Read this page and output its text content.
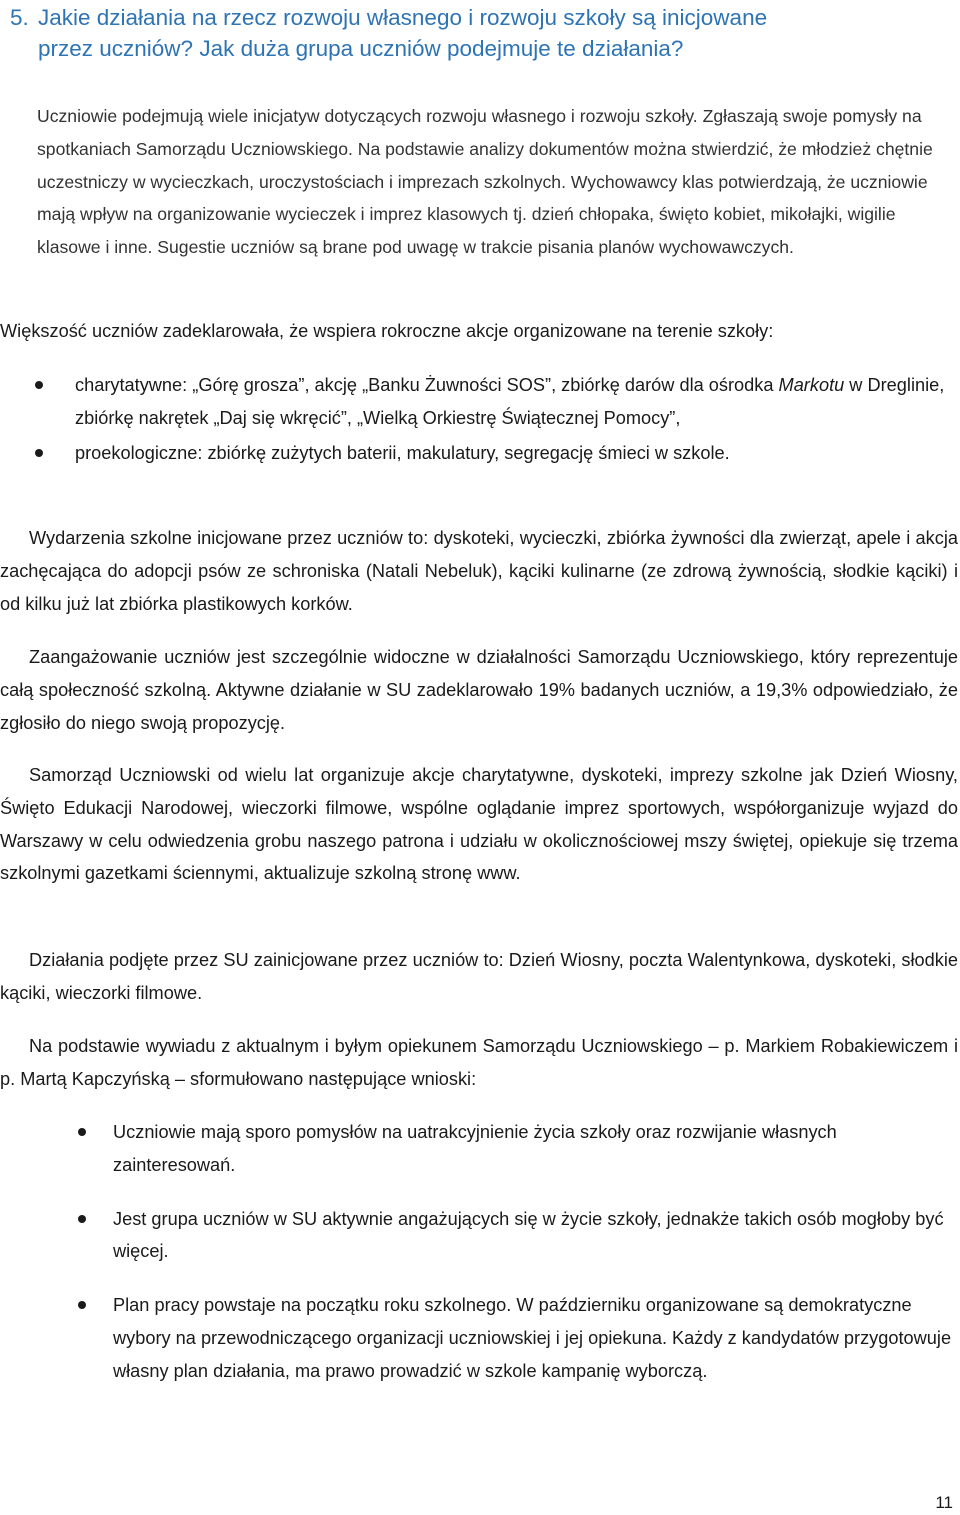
5. Jakie działania na rzecz rozwoju własnego i rozwoju szkoły są inicjowane
przez uczniów? Jak duża grupa uczniów podejmuje te działania?

Uczniowie podejmują wiele inicjatyw dotyczących rozwoju własnego i rozwoju szkoły. Zgłaszają swoje pomysły na spotkaniach Samorządu Uczniowskiego. Na podstawie analizy dokumentów można stwierdzić, że młodzież chętnie uczestniczy w wycieczkach, uroczystościach i imprezach szkolnych. Wychowawcy klas potwierdzają, że uczniowie mają wpływ na organizowanie wycieczek i imprez klasowych tj. dzień chłopaka, święto kobiet, mikołajki, wigilie klasowe i inne. Sugestie uczniów są brane pod uwagę w trakcie pisania planów wychowawczych.

Większość uczniów zadeklarowała, że wspiera rokroczne akcje organizowane na terenie szkoły:

charytatywne: „Górę grosza”, akcję „Banku Żuwności SOS”, zbiórkę darów dla ośrodka Markotu w Dreglinie, zbiórkę nakrętek „Daj się wkręcić”, „Wielką Orkiestrę Świątecznej Pomocy”,
proekologiczne: zbiórkę zużytych baterii, makulatury, segregację śmieci w szkole.

Wydarzenia szkolne inicjowane przez uczniów to: dyskoteki, wycieczki, zbiórka żywności dla zwierząt, apele i akcja zachęcająca do adopcji psów ze schroniska (Natali Nebeluk), kąciki kulinarne (ze zdrową żywnością, słodkie kąciki) i od kilku już lat zbiórka plastikowych korków.

Zaangażowanie uczniów jest szczególnie widoczne w działalności Samorządu Uczniowskiego, który reprezentuje całą społeczność szkolną. Aktywne działanie w SU zadeklarowało 19% badanych uczniów, a 19,3% odpowiedziało, że zgłosiło do niego swoją propozycję.

Samorząd Uczniowski od wielu lat organizuje akcje charytatywne, dyskoteki, imprezy szkolne jak Dzień Wiosny, Święto Edukacji Narodowej, wieczorki filmowe, wspólne oglądanie imprez sportowych, współorganizuje wyjazd do Warszawy w celu odwiedzenia grobu naszego patrona i udziału w okolicznościowej mszy świętej, opiekuje się trzema szkolnymi gazetkami ściennymi, aktualizuje szkolną stronę www.

Działania podjęte przez SU zainicjowane przez uczniów to: Dzień Wiosny, poczta Walentynkowa, dyskoteki, słodkie kąciki, wieczorki filmowe.

Na podstawie wywiadu z aktualnym i byłym opiekunem Samorządu Uczniowskiego – p. Markiem Robakiewiczem i p. Martą Kapczyńską – sformułowano następujące wnioski:

Uczniowie mają sporo pomysłów na uatrakcyjnienie życia szkoły oraz rozwijanie własnych zainteresowań.
Jest grupa uczniów w SU aktywnie angażujących się w życie szkoły, jednakże takich osób mogłoby być więcej.
Plan pracy powstaje na początku roku szkolnego. W październiku organizowane są demokratyczne wybory na przewodniczącego organizacji uczniowskiej i jej opiekuna. Każdy z kandydatów przygotowuje własny plan działania, ma prawo prowadzić w szkole kampanię wyborczą.
11
